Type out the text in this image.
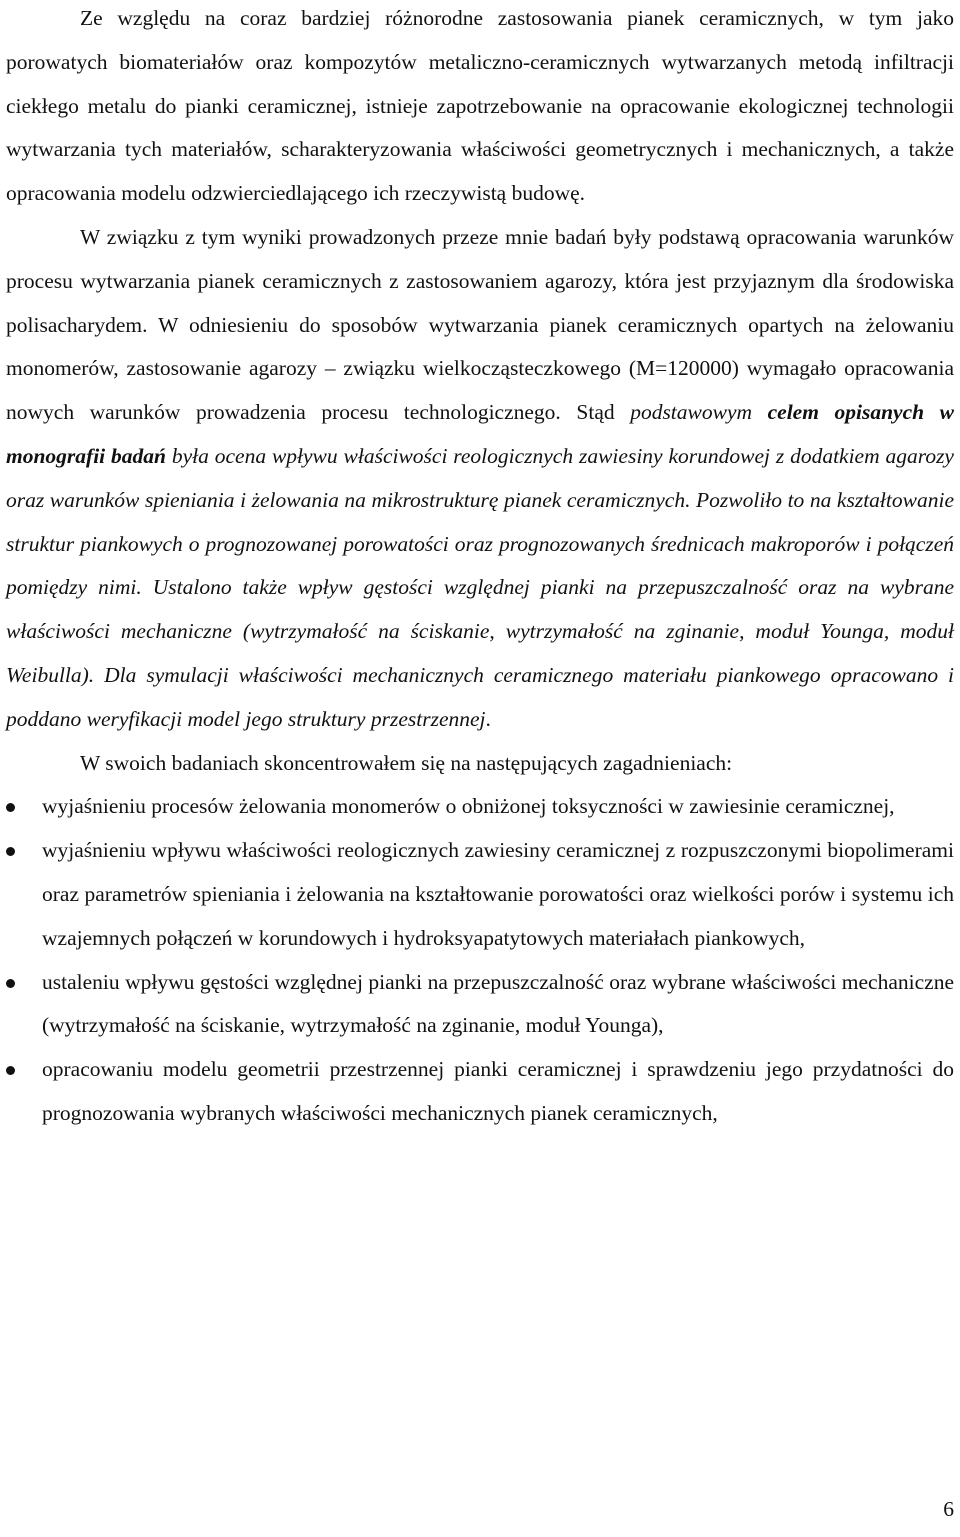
Ze względu na coraz bardziej różnorodne zastosowania pianek ceramicznych, w tym jako porowatych biomateriałów oraz kompozytów metaliczno-ceramicznych wytwarzanych metodą infiltracji ciekłego metalu do pianki ceramicznej, istnieje zapotrzebowanie na opracowanie ekologicznej technologii wytwarzania tych materiałów, scharakteryzowania właściwości geometrycznych i mechanicznych, a także opracowania modelu odzwierciedlającego ich rzeczywistą budowę.

W związku z tym wyniki prowadzonych przeze mnie badań były podstawą opracowania warunków procesu wytwarzania pianek ceramicznych z zastosowaniem agarozy, która jest przyjaznym dla środowiska polisacharydem. W odniesieniu do sposobów wytwarzania pianek ceramicznych opartych na żelowaniu monomerów, zastosowanie agarozy – związku wielkocząsteczkowego (M=120000) wymagało opracowania nowych warunków prowadzenia procesu technologicznego. Stąd podstawowym celem opisanych w monografii badań była ocena wpływu właściwości reologicznych zawiesiny korundowej z dodatkiem agarozy oraz warunków spieniania i żelowania na mikrostrukturę pianek ceramicznych. Pozwoliło to na kształtowanie struktur piankowych o prognozowanej porowatości oraz prognozowanych średnicach makroporów i połączeń pomiędzy nimi. Ustalono także wpływ gęstości względnej pianki na przepuszczalność oraz na wybrane właściwości mechaniczne (wytrzymałość na ściskanie, wytrzymałość na zginanie, moduł Younga, moduł Weibulla). Dla symulacji właściwości mechanicznych ceramicznego materiału piankowego opracowano i poddano weryfikacji model jego struktury przestrzennej.

W swoich badaniach skoncentrowałem się na następujących zagadnieniach:

wyjaśnieniu procesów żelowania monomerów o obniżonej toksyczności w zawiesinie ceramicznej,
wyjaśnieniu wpływu właściwości reologicznych zawiesiny ceramicznej z rozpuszczonymi biopolimerami oraz parametrów spieniania i żelowania na kształtowanie porowatości oraz wielkości porów i systemu ich wzajemnych połączeń w korundowych i hydroksyapatytowych materiałach piankowych,
ustaleniu wpływu gęstości względnej pianki na przepuszczalność oraz wybrane właściwości mechaniczne (wytrzymałość na ściskanie, wytrzymałość na zginanie, moduł Younga),
opracowaniu modelu geometrii przestrzennej pianki ceramicznej i sprawdzeniu jego przydatności do prognozowania wybranych właściwości mechanicznych pianek ceramicznych,
6
